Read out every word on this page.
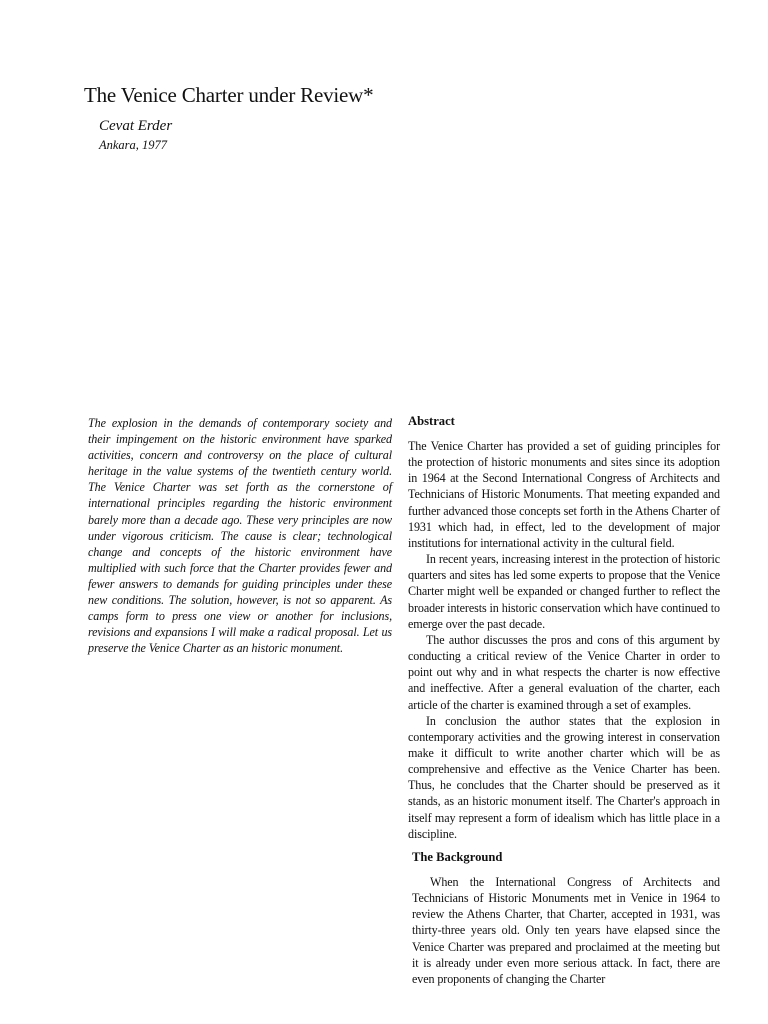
The Venice Charter under Review*
Cevat Erder
Ankara, 1977

The explosion in the demands of contemporary society and their impingement on the historic environment have sparked activities, concern and controversy on the place of cultural heritage in the value systems of the twentieth century world. The Venice Charter was set forth as the cornerstone of international principles regarding the historic environment barely more than a decade ago. These very principles are now under vigorous criticism. The cause is clear; technological change and concepts of the historic environment have multiplied with such force that the Charter provides fewer and fewer answers to demands for guiding principles under these new conditions. The solution, however, is not so apparent. As camps form to press one view or another for inclusions, revisions and expansions I will make a radical proposal. Let us preserve the Venice Charter as an historic monument.

Abstract

The Venice Charter has provided a set of guiding principles for the protection of historic monuments and sites since its adoption in 1964 at the Second International Congress of Architects and Technicians of Historic Monuments. That meeting expanded and further advanced those concepts set forth in the Athens Charter of 1931 which had, in effect, led to the development of major institutions for international activity in the cultural field.

In recent years, increasing interest in the protection of historic quarters and sites has led some experts to propose that the Venice Charter might well be expanded or changed further to reflect the broader interests in historic conservation which have continued to emerge over the past decade.

The author discusses the pros and cons of this argument by conducting a critical review of the Venice Charter in order to point out why and in what respects the charter is now effective and ineffective. After a general evaluation of the charter, each article of the charter is examined through a set of examples.

In conclusion the author states that the explosion in contemporary activities and the growing interest in conservation make it difficult to write another charter which will be as comprehensive and effective as the Venice Charter has been. Thus, he concludes that the Charter should be preserved as it stands, as an historic monument itself. The Charter's approach in itself may represent a form of idealism which has little place in a discipline.

The Background

When the International Congress of Architects and Technicians of Historic Monuments met in Venice in 1964 to review the Athens Charter, that Charter, accepted in 1931, was thirty-three years old. Only ten years have elapsed since the Venice Charter was prepared and proclaimed at the meeting but it is already under even more serious attack. In fact, there are even proponents of changing the Charter
